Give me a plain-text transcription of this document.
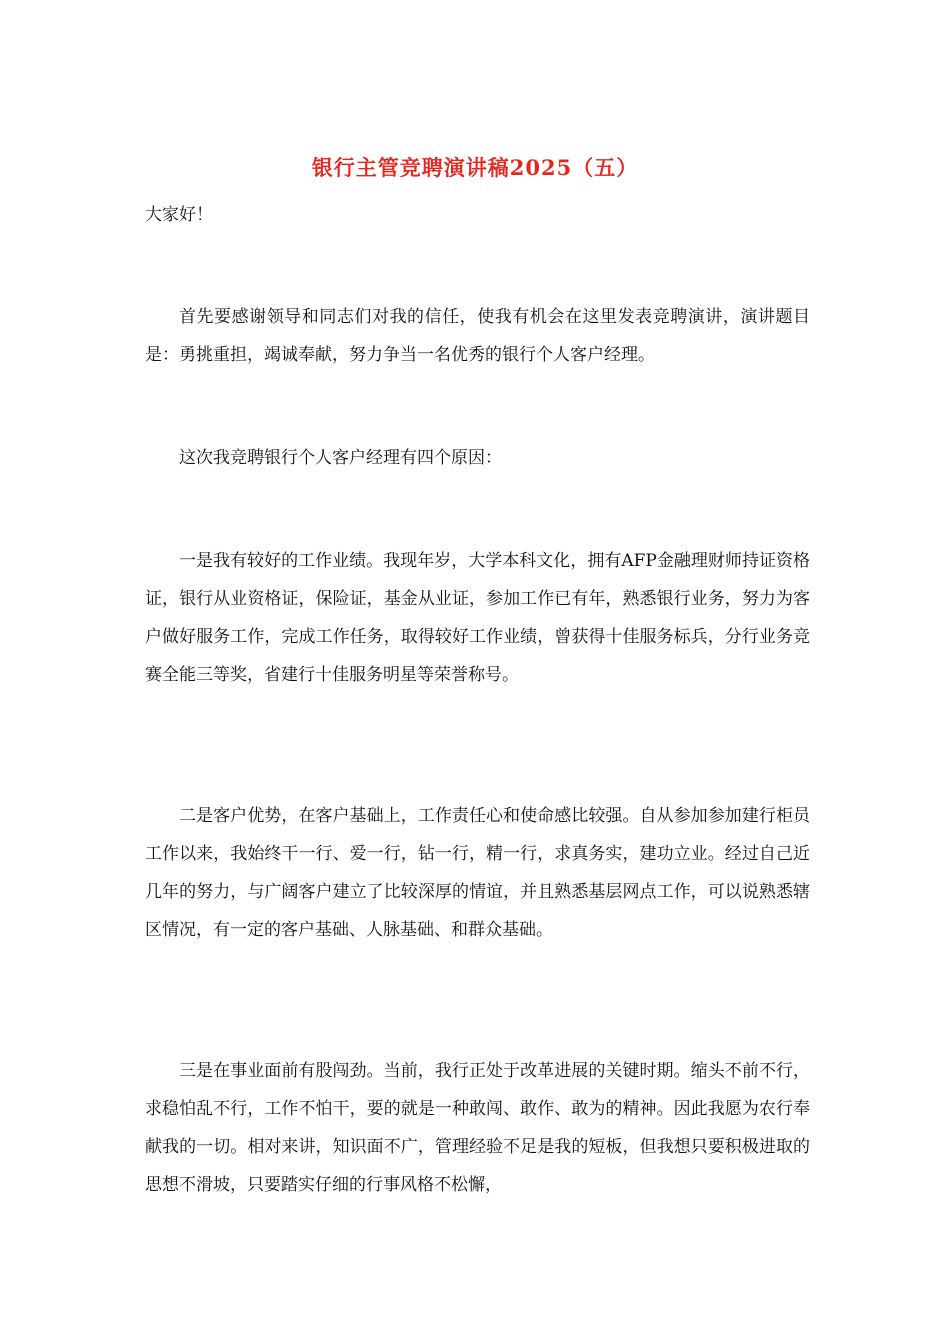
银行主管竞聘演讲稿2025（五）
大家好！

首先要感谢领导和同志们对我的信任，使我有机会在这里发表竞聘演讲，演讲题目是：勇挑重担，竭诚奉献，努力争当一名优秀的银行个人客户经理。

这次我竞聘银行个人客户经理有四个原因：

一是我有较好的工作业绩。我现年岁，大学本科文化，拥有AFP金融理财师持证资格证，银行从业资格证，保险证，基金从业证，参加工作已有年，熟悉银行业务，努力为客户做好服务工作，完成工作任务，取得较好工作业绩，曾获得十佳服务标兵，分行业务竞赛全能三等奖，省建行十佳服务明星等荣誉称号。

二是客户优势，在客户基础上，工作责任心和使命感比较强。自从参加参加建行柜员工作以来，我始终干一行、爱一行，钻一行，精一行，求真务实，建功立业。经过自己近几年的努力，与广阔客户建立了比较深厚的情谊，并且熟悉基层网点工作，可以说熟悉辖区情况，有一定的客户基础、人脉基础、和群众基础。

三是在事业面前有股闯劲。当前，我行正处于改革进展的关键时期。缩头不前不行，求稳怕乱不行，工作不怕干，要的就是一种敢闯、敢作、敢为的精神。因此我愿为农行奉献我的一切。相对来讲，知识面不广，管理经验不足是我的短板，但我想只要积极进取的思想不滑坡，只要踏实仔细的行事风格不松懈，
